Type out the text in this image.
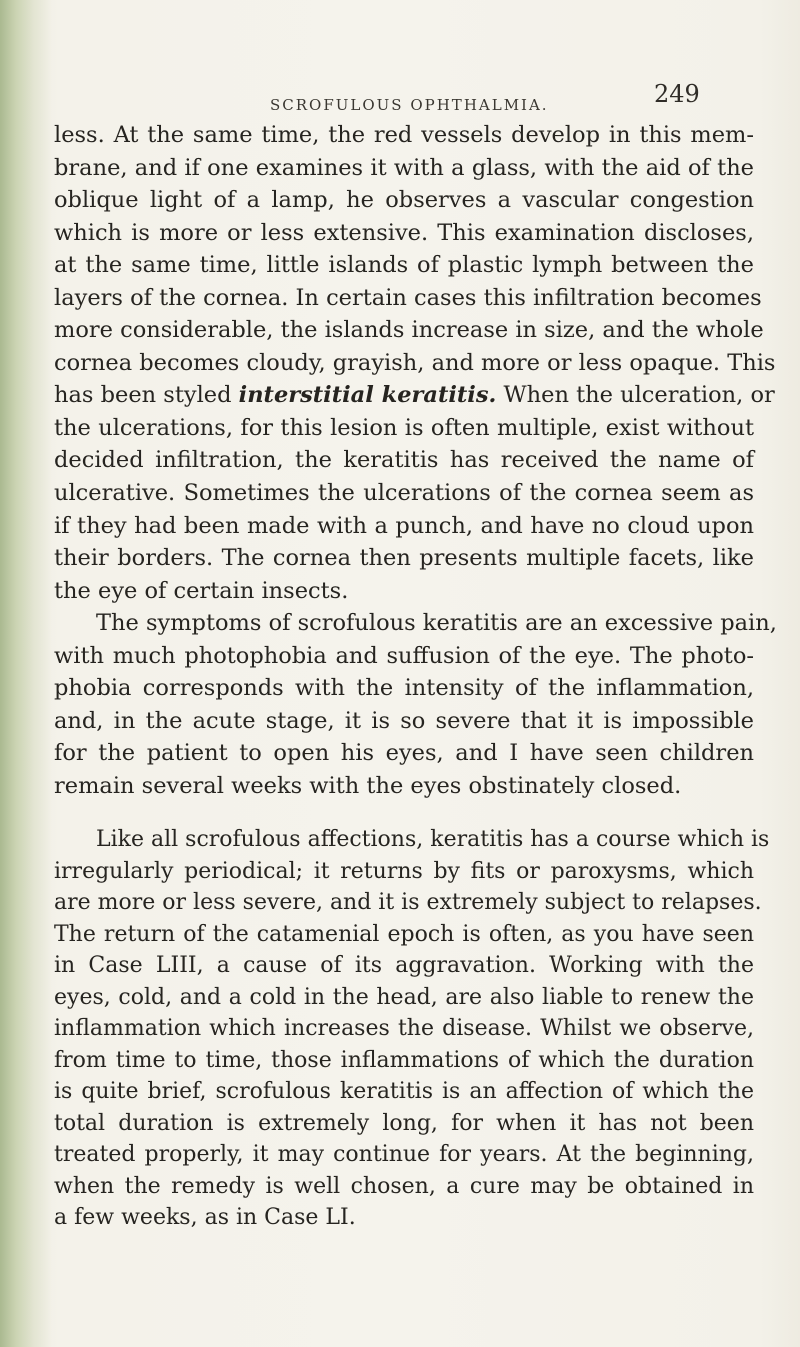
SCROFULOUS OPHTHALMIA.	249
less. At the same time, the red vessels develop in this mem-
brane, and if one examines it with a glass, with the aid of the
oblique light of a lamp, he observes a vascular congestion
which is more or less extensive. This examination discloses,
at the same time, little islands of plastic lymph between the
layers of the cornea. In certain cases this infiltration becomes
more considerable, the islands increase in size, and the whole
cornea becomes cloudy, grayish, and more or less opaque. This
has been styled interstitial keratitis. When the ulceration, or
the ulcerations, for this lesion is often multiple, exist without
decided infiltration, the keratitis has received the name of
ulcerative. Sometimes the ulcerations of the cornea seem as
if they had been made with a punch, and have no cloud upon
their borders. The cornea then presents multiple facets, like
the eye of certain insects.
The symptoms of scrofulous keratitis are an excessive pain,
with much photophobia and suffusion of the eye. The photo-
phobia corresponds with the intensity of the inflammation,
and, in the acute stage, it is so severe that it is impossible
for the patient to open his eyes, and I have seen children
remain several weeks with the eyes obstinately closed.
Like all scrofulous affections, keratitis has a course which is
irregularly periodical; it returns by fits or paroxysms, which
are more or less severe, and it is extremely subject to relapses.
The return of the catamenial epoch is often, as you have seen
in Case LIII, a cause of its aggravation. Working with the
eyes, cold, and a cold in the head, are also liable to renew the
inflammation which increases the disease. Whilst we observe,
from time to time, those inflammations of which the duration
is quite brief, scrofulous keratitis is an affection of which the
total duration is extremely long, for when it has not been
treated properly, it may continue for years. At the beginning,
when the remedy is well chosen, a cure may be obtained in
a few weeks, as in Case LI.
